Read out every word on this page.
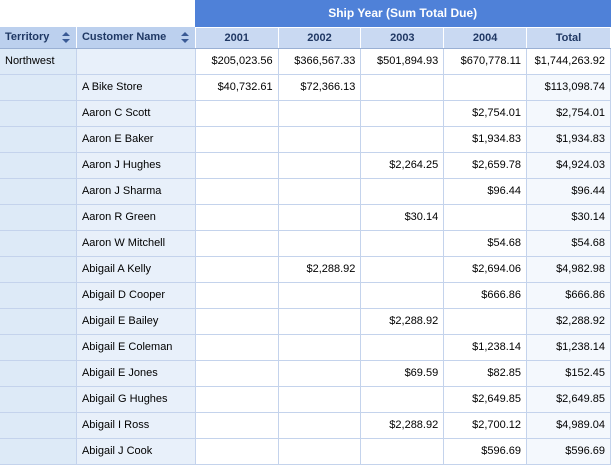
		Ship Year (Sum Total Due)				

Territory	Customer Name	2001	2002	2003	2004	Total
Northwest		$205,023.56	$366,567.33	$501,894.93	$670,778.11	$1,744,263.92
	A Bike Store	$40,732.61	$72,366.13			$113,098.74
	Aaron C Scott				$2,754.01	$2,754.01
	Aaron E Baker				$1,934.83	$1,934.83
	Aaron J Hughes			$2,264.25	$2,659.78	$4,924.03
	Aaron J Sharma				$96.44	$96.44
	Aaron R Green			$30.14		$30.14
	Aaron W Mitchell				$54.68	$54.68
	Abigail A Kelly		$2,288.92		$2,694.06	$4,982.98
	Abigail D Cooper				$666.86	$666.86
	Abigail E Bailey			$2,288.92		$2,288.92
	Abigail E Coleman				$1,238.14	$1,238.14
	Abigail E Jones			$69.59	$82.85	$152.45
	Abigail G Hughes				$2,649.85	$2,649.85
	Abigail I Ross			$2,288.92	$2,700.12	$4,989.04
	Abigail J Cook				$596.69	$596.69
